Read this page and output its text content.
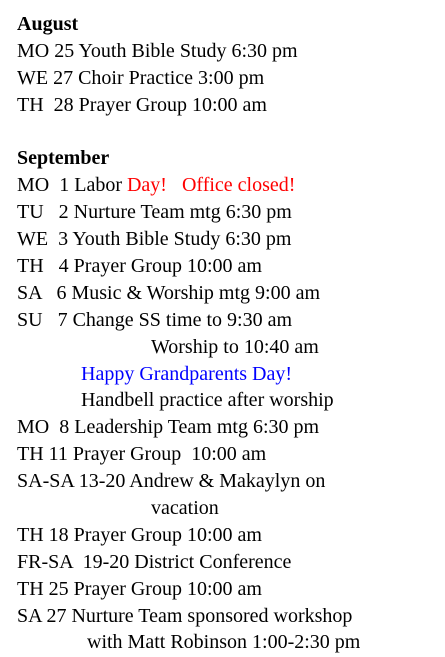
August
MO 25 Youth Bible Study 6:30 pm
WE 27 Choir Practice 3:00 pm
TH  28 Prayer Group 10:00 am
September
MO  1 Labor Day! Office closed!
TU   2 Nurture Team mtg 6:30 pm
WE  3 Youth Bible Study 6:30 pm
TH   4 Prayer Group 10:00 am
SA   6 Music & Worship mtg 9:00 am
SU   7 Change SS time to 9:30 am
Worship to 10:40 am
Happy Grandparents Day!
Handbell practice after worship
MO  8 Leadership Team mtg 6:30 pm
TH 11 Prayer Group  10:00 am
SA-SA 13-20 Andrew & Makaylyn on
vacation
TH 18 Prayer Group 10:00 am
FR-SA  19-20 District Conference
TH 25 Prayer Group 10:00 am
SA 27 Nurture Team sponsored workshop
with Matt Robinson 1:00-2:30 pm
